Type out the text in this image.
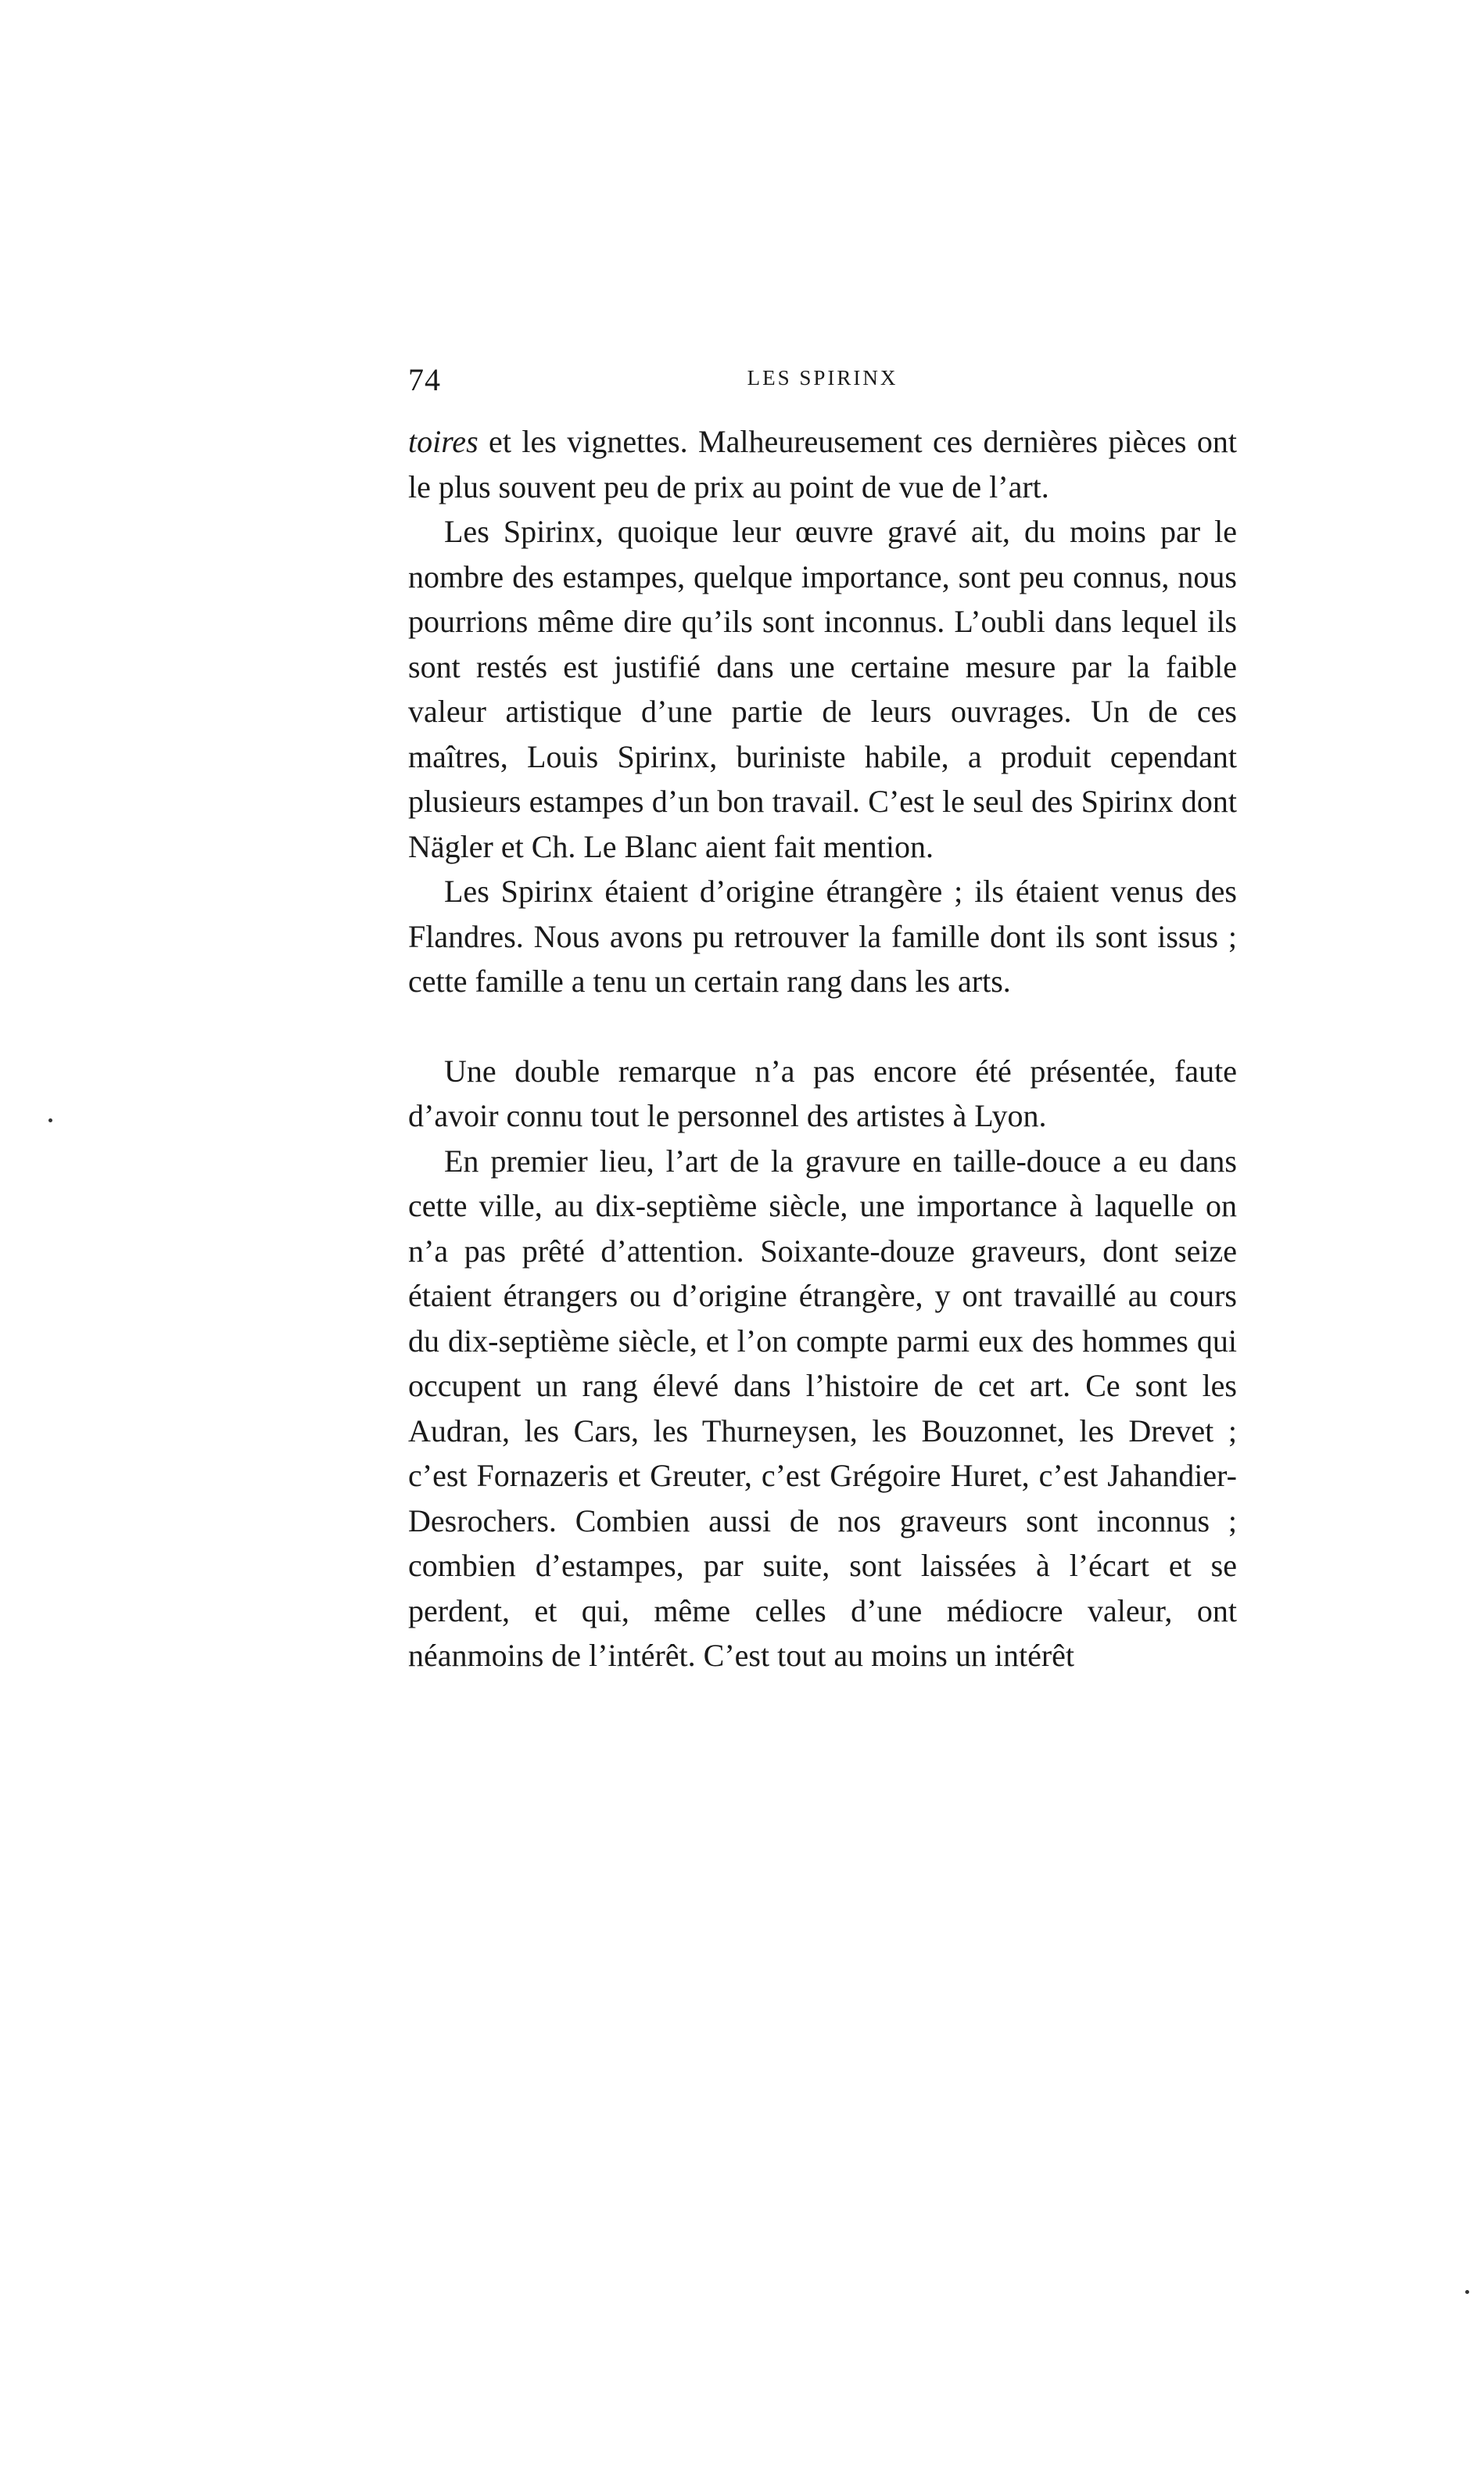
74	LES SPIRINX

toires et les vignettes. Malheureusement ces dernières pièces ont le plus souvent peu de prix au point de vue de l’art.

Les Spirinx, quoique leur œuvre gravé ait, du moins par le nombre des estampes, quelque importance, sont peu connus, nous pourrions même dire qu’ils sont inconnus. L’oubli dans lequel ils sont restés est justifié dans une certaine mesure par la faible valeur artistique d’une partie de leurs ouvrages. Un de ces maîtres, Louis Spirinx, buriniste habile, a produit cependant plusieurs estampes d’un bon travail. C’est le seul des Spirinx dont Nägler et Ch. Le Blanc aient fait mention.

Les Spirinx étaient d’origine étrangère ; ils étaient venus des Flandres. Nous avons pu retrouver la famille dont ils sont issus ; cette famille a tenu un certain rang dans les arts.

Une double remarque n’a pas encore été présentée, faute d’avoir connu tout le personnel des artistes à Lyon.

En premier lieu, l’art de la gravure en taille-douce a eu dans cette ville, au dix-septième siècle, une importance à laquelle on n’a pas prêté d’attention. Soixante-douze graveurs, dont seize étaient étrangers ou d’origine étrangère, y ont travaillé au cours du dix-septième siècle, et l’on compte parmi eux des hommes qui occupent un rang élevé dans l’histoire de cet art. Ce sont les Audran, les Cars, les Thurneysen, les Bouzonnet, les Drevet ; c’est Fornazeris et Greuter, c’est Grégoire Huret, c’est Jahandier-Desrochers. Combien aussi de nos graveurs sont inconnus ; combien d’estampes, par suite, sont laissées à l’écart et se perdent, et qui, même celles d’une médiocre valeur, ont néanmoins de l’intérêt. C’est tout au moins un intérêt
